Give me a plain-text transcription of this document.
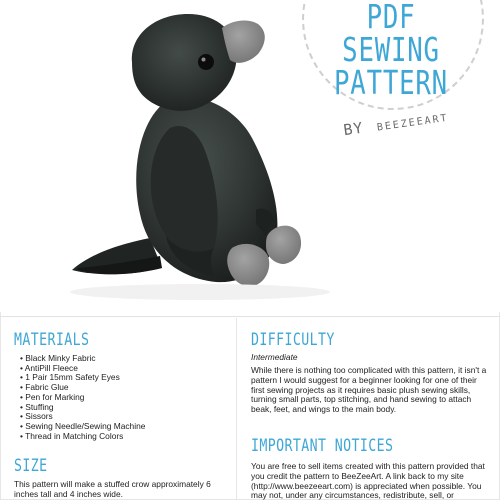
PDF
SEWING
PATTERN
BY BEEZEEART
MATERIALS
• Black Minky Fabric
• AntiPill Fleece
• 1 Pair 15mm Safety Eyes
• Fabric Glue
• Pen for Marking
• Stuffing
• Sissors
• Sewing Needle/Sewing Machine
• Thread in Matching Colors
SIZE
This pattern will make a stuffed crow approximately 6 inches tall and 4 inches wide.
DIFFICULTY
Intermediate
While there is nothing too complicated with this pattern, it isn't a pattern I would suggest for a beginner looking for one of their first sewing projects as it requires basic plush sewing skills, turning small parts, top stitching, and hand sewing to attach beak, feet, and wings to the main body.
IMPORTANT NOTICES
You are free to sell items created with this pattern provided that you credit the pattern to BeeZeeArt. A link back to my site (http://www.beezeeart.com) is appreciated when possible. You may not, under any circumstances, redistribute, sell, or
